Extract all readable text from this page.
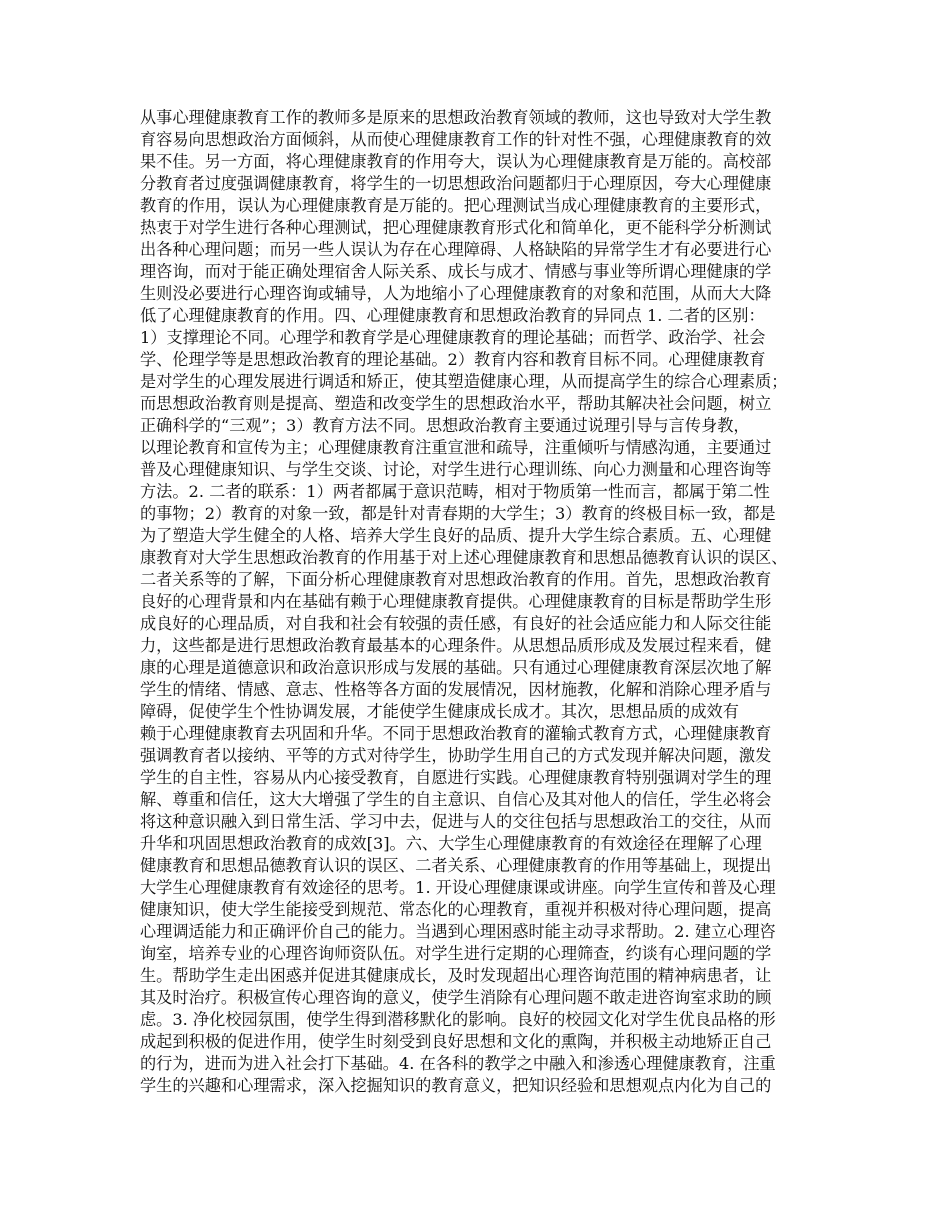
从事心理健康教育工作的教师多是原来的思想政治教育领域的教师，这也导致对大学生教
育容易向思想政治方面倾斜，从而使心理健康教育工作的针对性不强，心理健康教育的效
果不佳。另一方面，将心理健康教育的作用夸大，误认为心理健康教育是万能的。高校部
分教育者过度强调健康教育，将学生的一切思想政治问题都归于心理原因，夸大心理健康
教育的作用，误认为心理健康教育是万能的。把心理测试当成心理健康教育的主要形式，
热衷于对学生进行各种心理测试，把心理健康教育形式化和简单化，更不能科学分析测试
出各种心理问题；而另一些人误认为存在心理障碍、人格缺陷的异常学生才有必要进行心
理咨询，而对于能正确处理宿舍人际关系、成长与成才、情感与事业等所谓心理健康的学
生则没必要进行心理咨询或辅导，人为地缩小了心理健康教育的对象和范围，从而大大降
低了心理健康教育的作用。四、心理健康教育和思想政治教育的异同点 1. 二者的区别：
1）支撑理论不同。心理学和教育学是心理健康教育的理论基础；而哲学、政治学、社会
学、伦理学等是思想政治教育的理论基础。2）教育内容和教育目标不同。心理健康教育
是对学生的心理发展进行调适和矫正，使其塑造健康心理，从而提高学生的综合心理素质；
而思想政治教育则是提高、塑造和改变学生的思想政治水平，帮助其解决社会问题，树立
正确科学的“三观”；3）教育方法不同。思想政治教育主要通过说理引导与言传身教，
以理论教育和宣传为主；心理健康教育注重宣泄和疏导，注重倾听与情感沟通，主要通过
普及心理健康知识、与学生交谈、讨论，对学生进行心理训练、向心力测量和心理咨询等
方法。2. 二者的联系：1）两者都属于意识范畴，相对于物质第一性而言，都属于第二性
的事物；2）教育的对象一致，都是针对青春期的大学生；3）教育的终极目标一致，都是
为了塑造大学生健全的人格、培养大学生良好的品质、提升大学生综合素质。五、心理健
康教育对大学生思想政治教育的作用基于对上述心理健康教育和思想品德教育认识的误区、
二者关系等的了解，下面分析心理健康教育对思想政治教育的作用。首先，思想政治教育
良好的心理背景和内在基础有赖于心理健康教育提供。心理健康教育的目标是帮助学生形
成良好的心理品质，对自我和社会有较强的责任感，有良好的社会适应能力和人际交往能
力，这些都是进行思想政治教育最基本的心理条件。从思想品质形成及发展过程来看，健
康的心理是道德意识和政治意识形成与发展的基础。只有通过心理健康教育深层次地了解
学生的情绪、情感、意志、性格等各方面的发展情况，因材施教，化解和消除心理矛盾与
障碍，促使学生个性协调发展，才能使学生健康成长成才。其次，思想品质的成效有
赖于心理健康教育去巩固和升华。不同于思想政治教育的灌输式教育方式，心理健康教育
强调教育者以接纳、平等的方式对待学生，协助学生用自己的方式发现并解决问题，激发
学生的自主性，容易从内心接受教育，自愿进行实践。心理健康教育特别强调对学生的理
解、尊重和信任，这大大增强了学生的自主意识、自信心及其对他人的信任，学生必将会
将这种意识融入到日常生活、学习中去，促进与人的交往包括与思想政治工的交往，从而
升华和巩固思想政治教育的成效[3]。六、大学生心理健康教育的有效途径在理解了心理
健康教育和思想品德教育认识的误区、二者关系、心理健康教育的作用等基础上，现提出
大学生心理健康教育有效途径的思考。1. 开设心理健康课或讲座。向学生宣传和普及心理
健康知识，使大学生能接受到规范、常态化的心理教育，重视并积极对待心理问题，提高
心理调适能力和正确评价自己的能力。当遇到心理困惑时能主动寻求帮助。2. 建立心理咨
询室，培养专业的心理咨询师资队伍。对学生进行定期的心理筛查，约谈有心理问题的学
生。帮助学生走出困惑并促进其健康成长，及时发现超出心理咨询范围的精神病患者，让
其及时治疗。积极宣传心理咨询的意义，使学生消除有心理问题不敢走进咨询室求助的顾
虑。3. 净化校园氛围，使学生得到潜移默化的影响。良好的校园文化对学生优良品格的形
成起到积极的促进作用，使学生时刻受到良好思想和文化的熏陶，并积极主动地矫正自己
的行为，进而为进入社会打下基础。4. 在各科的教学之中融入和渗透心理健康教育，注重
学生的兴趣和心理需求，深入挖掘知识的教育意义，把知识经验和思想观点内化为自己的
